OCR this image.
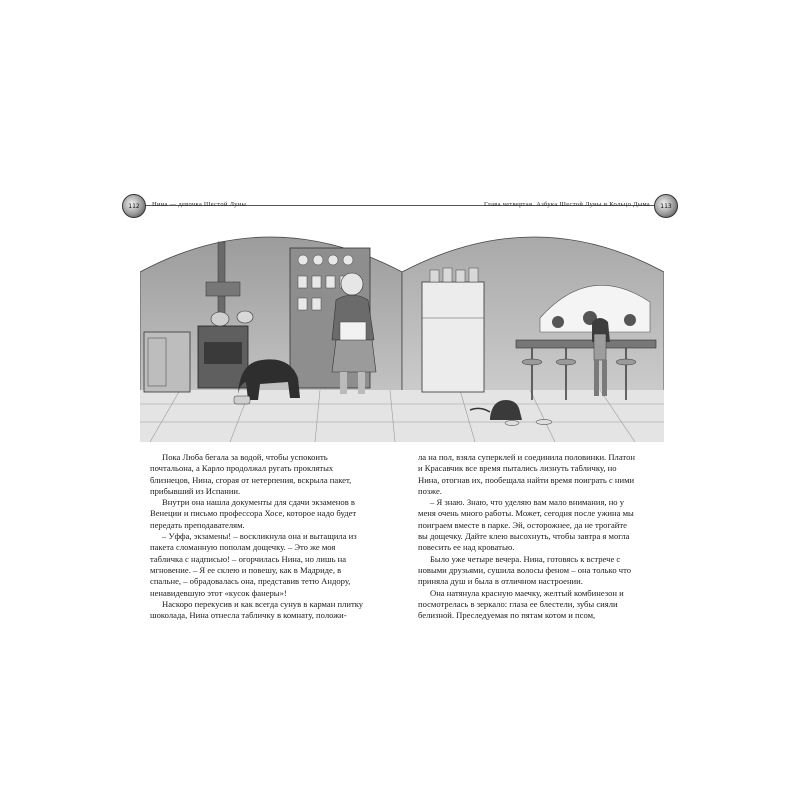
112	Нина — девочка Шестой Луны	Глава четвертая. Азбука Шестой Луны и Кольцо Дыма	113

Пока Люба бегала за водой, чтобы успокоить почтальона, а Карло продолжал ругать проклятых близнецов, Нина, сгорая от нетерпения, вскрыла пакет, прибывший из Испании.

Внутри она нашла документы для сдачи экзаменов в Венеции и письмо профессора Хосе, которое надо будет передать преподавателям.

– Уффа, экзамены! – воскликнула она и вытащила из пакета сломанную пополам дощечку. – Это же моя табличка с надписью! – огорчилась Нина, но лишь на мгновение. – Я ее склею и повешу, как в Мадриде, в спальне, – обрадовалась она, представив тетю Андору, ненавидевшую этот «кусок фанеры»!

Наскоро перекусив и как всегда сунув в карман плитку шоколада, Нина отнесла табличку в комнату, положи-

ла на пол, взяла суперклей и соединила половинки. Платон и Красавчик все время пытались лизнуть табличку, но Нина, отогнав их, пообещала найти время поиграть с ними позже.

– Я знаю. Знаю, что уделяю вам мало внимания, но у меня очень много работы. Может, сегодня после ужина мы поиграем вместе в парке. Эй, осторожнее, да не трогайте вы дощечку. Дайте клею высохнуть, чтобы завтра я могла повесить ее над кроватью.

Было уже четыре вечера. Нина, готовясь к встрече с новыми друзьями, сушила волосы феном – она только что приняла душ и была в отличном настроении.

Она натянула красную маечку, желтый комбинезон и посмотрелась в зеркало: глаза ее блестели, зубы сияли белизной. Преследуемая по пятам котом и псом,
